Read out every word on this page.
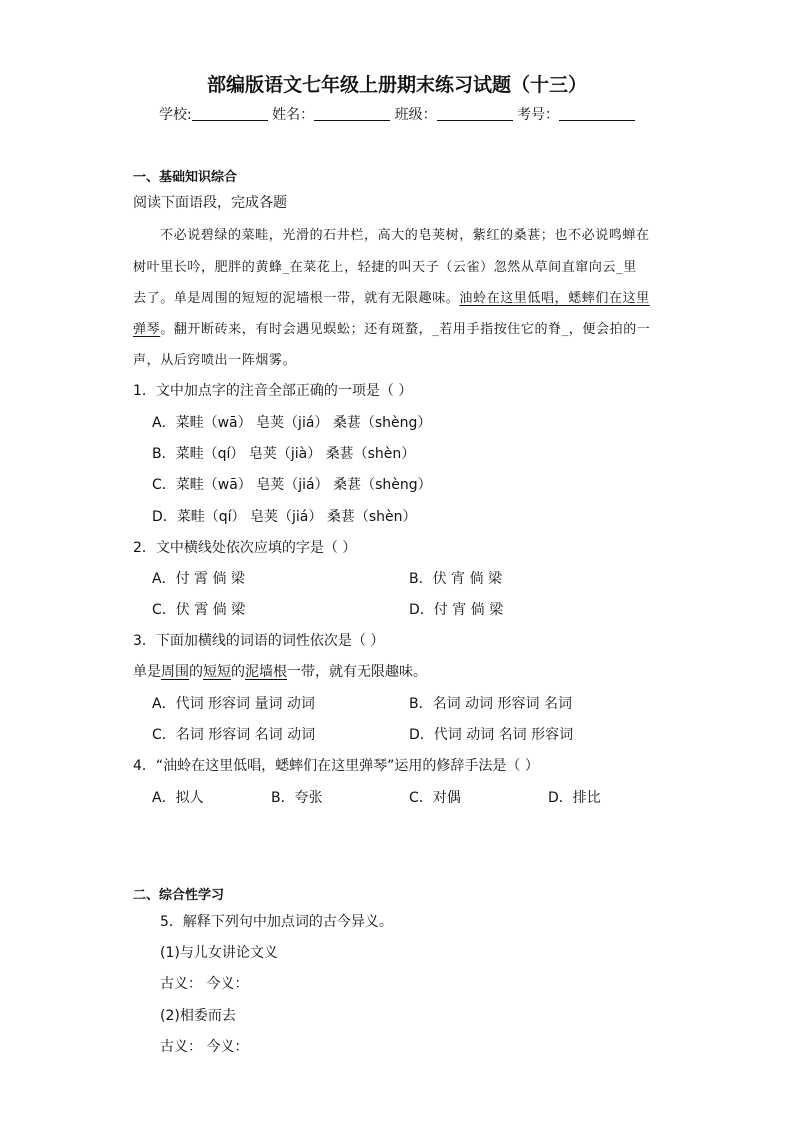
部编版语文七年级上册期末练习试题（十三）
学校:	姓名：	班级：	考号：
一、基础知识综合
阅读下面语段，完成各题
不必说碧绿的菜畦，光滑的石井栏，高大的皂荚树，紫红的桑葚；也不必说鸣蝉在
树叶里长吟，肥胖的黄蜂_在菜花上，轻捷的叫天子（云雀）忽然从草间直窜向云_里
去了。单是周围的短短的泥墙根一带，就有无限趣味。油蛉在这里低唱，蟋蟀们在这里
弹琴。翻开断砖来，有时会遇见蜈蚣；还有斑蝥，_若用手指按住它的脊_，便会拍的一
声，从后窍喷出一阵烟雾。
1．文中加点字的注音全部正确的一项是（ ）
A．菜畦（wā） 皂荚（jiá） 桑葚（shèng）
B．菜畦（qí） 皂荚（jià） 桑葚（shèn）
C．菜畦（wā） 皂荚（jiá） 桑葚（shèng）
D．菜畦（qí） 皂荚（jiá） 桑葚（shèn）
2．文中横线处依次应填的字是（ ）
A．付 霄 倘 梁	B．伏 宵 倘 梁
C．伏 霄 倘 梁	D．付 宵 倘 梁
3．下面加横线的词语的词性依次是（ ）
单是周围的短短的泥墙根一带，就有无限趣味。
A．代词 形容词 量词 动词	B．名词 动词 形容词 名词
C．名词 形容词 名词 动词	D．代词 动词 名词 形容词
4．“油蛉在这里低唱，蟋蟀们在这里弹琴”运用的修辞手法是（ ）
A．拟人	B．夸张	C．对偶	D．排比
二、综合性学习
5．解释下列句中加点词的古今异义。
(1)与儿女讲论文义
古义： 今义：
(2)相委而去
古义： 今义：
